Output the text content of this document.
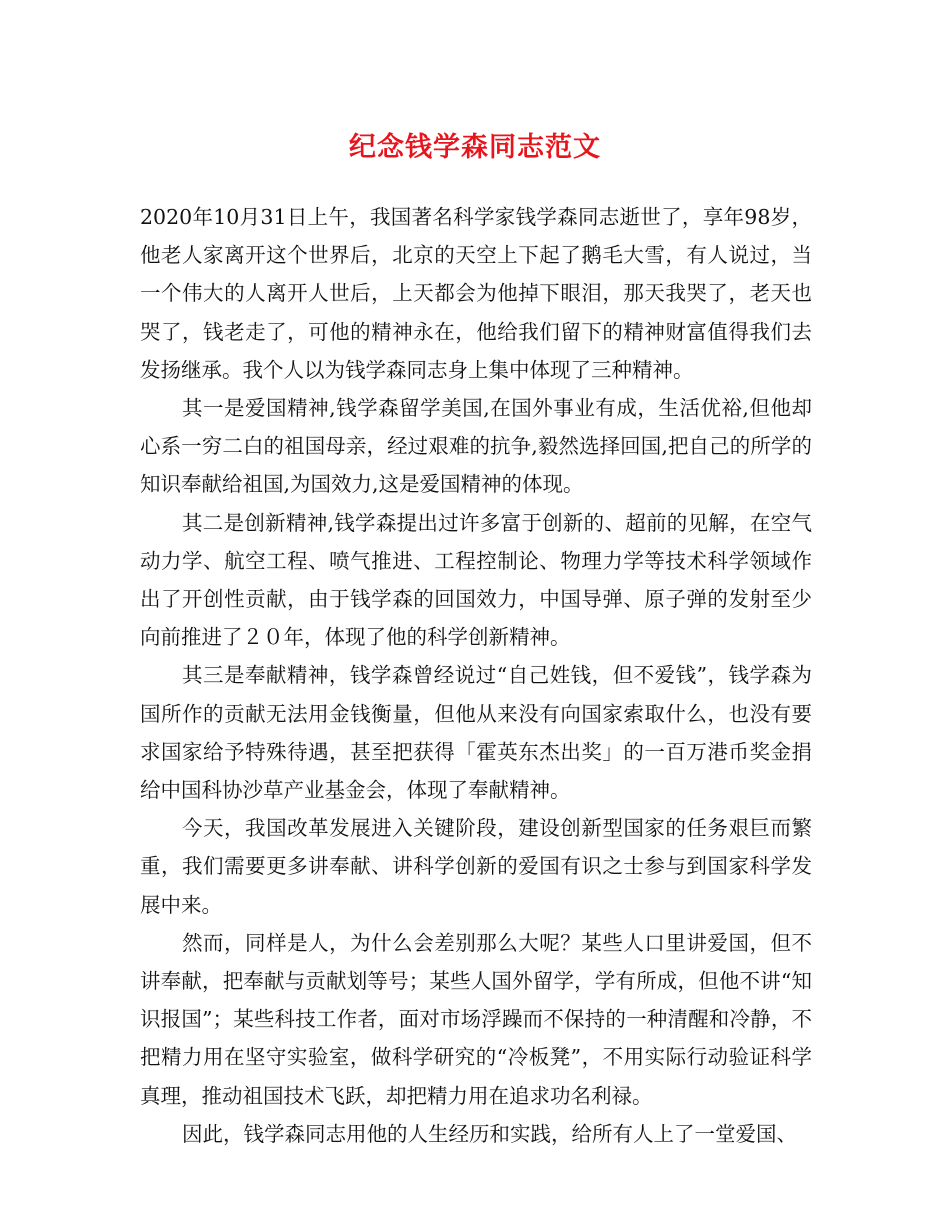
纪念钱学森同志范文

2020年10月31日上午，我国著名科学家钱学森同志逝世了，享年98岁，他老人家离开这个世界后，北京的天空上下起了鹅毛大雪，有人说过，当一个伟大的人离开人世后，上天都会为他掉下眼泪，那天我哭了，老天也哭了，钱老走了，可他的精神永在，他给我们留下的精神财富值得我们去发扬继承。我个人以为钱学森同志身上集中体现了三种精神。

其一是爱国精神,钱学森留学美国,在国外事业有成，生活优裕,但他却心系一穷二白的祖国母亲，经过艰难的抗争,毅然选择回国,把自己的所学的知识奉献给祖国,为国效力,这是爱国精神的体现。

其二是创新精神,钱学森提出过许多富于创新的、超前的见解，在空气动力学、航空工程、喷气推进、工程控制论、物理力学等技术科学领域作出了开创性贡献，由于钱学森的回国效力，中国导弹、原子弹的发射至少向前推进了２０年，体现了他的科学创新精神。

其三是奉献精神，钱学森曾经说过“自己姓钱，但不爱钱”，钱学森为国所作的贡献无法用金钱衡量，但他从来没有向国家索取什么，也没有要求国家给予特殊待遇，甚至把获得「霍英东杰出奖」的一百万港币奖金捐给中国科协沙草产业基金会，体现了奉献精神。

今天，我国改革发展进入关键阶段，建设创新型国家的任务艰巨而繁重，我们需要更多讲奉献、讲科学创新的爱国有识之士参与到国家科学发展中来。

然而，同样是人，为什么会差别那么大呢？某些人口里讲爱国，但不讲奉献，把奉献与贡献划等号；某些人国外留学，学有所成，但他不讲“知识报国”；某些科技工作者，面对市场浮躁而不保持的一种清醒和冷静，不把精力用在坚守实验室，做科学研究的“冷板凳”，不用实际行动验证科学真理，推动祖国技术飞跃，却把精力用在追求功名利禄。

因此，钱学森同志用他的人生经历和实践，给所有人上了一堂爱国、
